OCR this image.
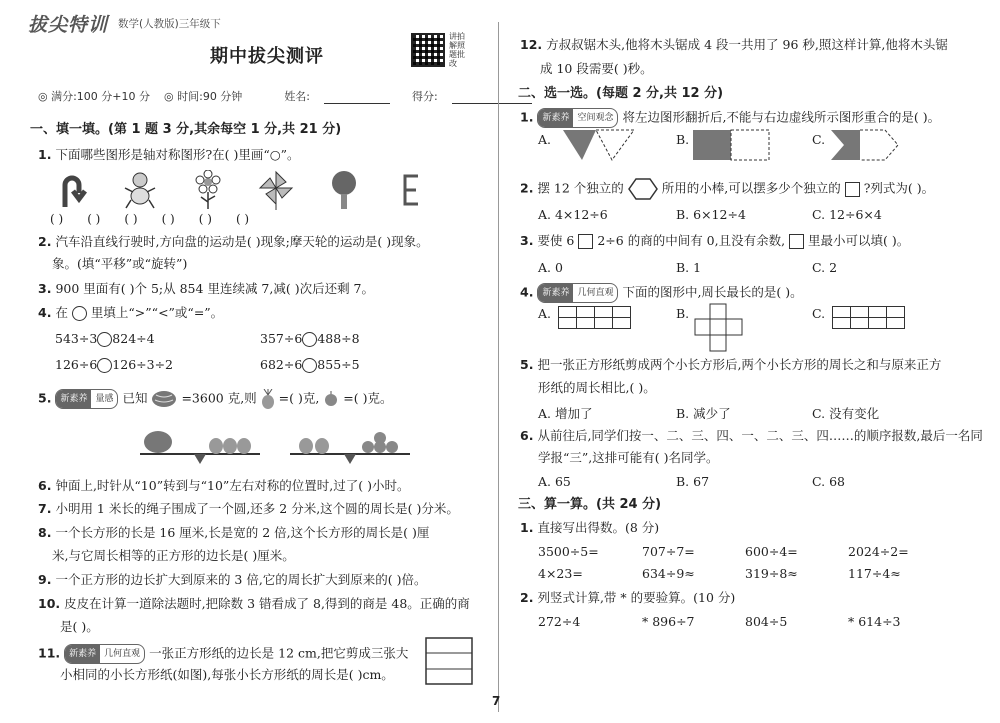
拔尖特训 数学(人教版)三年级下
期中拔尖测评
讲拍解照题批改
◎ 满分:100 分+10 分 ◎ 时间:90 分钟	姓名:	得分:
一、填一填。(第 1 题 3 分,其余每空 1 分,共 21 分)
1. 下面哪些图形是轴对称图形?在( )里画“○”。
( ) ( ) ( ) ( ) ( ) ( )
2. 汽车沿直线行驶时,方向盘的运动是( )现象;摩天轮的运动是( )现象。
象。(填“平移”或“旋转”)
3. 900 里面有( )个 5;从 854 里连续减 7,减( )次后还剩 7。
4. 在 里填上“>”“<”或“=”。
543÷3 824÷4	357÷6 488÷8
126÷6 126÷3÷2	682÷6 855÷5
5. 新素养 量感 已知	=3600 克,则 =( )克, =( )克。
6. 钟面上,时针从“10”转到与“10”左右对称的位置时,过了( )小时。
7. 小明用 1 米长的绳子围成了一个圆,还多 2 分米,这个圆的周长是( )分米。
8. 一个长方形的长是 16 厘米,长是宽的 2 倍,这个长方形的周长是( )厘
米,与它周长相等的正方形的边长是( )厘米。
9. 一个正方形的边长扩大到原来的 3 倍,它的周长扩大到原来的( )倍。
10. 皮皮在计算一道除法题时,把除数 3 错看成了 8,得到的商是 48。正确的商
是( )。
11. 新素养 几何直观 一张正方形纸的边长是 12 cm,把它剪成三张大
小相同的小长方形纸(如图),每张小长方形纸的周长是( )cm。
12. 方叔叔锯木头,他将木头锯成 4 段一共用了 96 秒,照这样计算,他将木头锯
成 10 段需要( )秒。
二、选一选。(每题 2 分,共 12 分)
1. 新素养 空间观念 将左边图形翻折后,不能与右边虚线所示图形重合的是( )。
A.	B.	C.
2. 摆 12 个独立的	所用的小棒,可以摆多少个独立的 ?列式为( )。
A. 4×12÷6	B. 6×12÷4	C. 12÷6×4
3. 要使 6 2÷6 的商的中间有 0,且没有余数, 里最小可以填( )。
A. 0	B. 1	C. 2
4. 新素养 几何直观 下面的图形中,周长最长的是( )。
A.	B.	C.
5. 把一张正方形纸剪成两个小长方形后,两个小长方形的周长之和与原来正方
形纸的周长相比,( )。
A. 增加了	B. 减少了	C. 没有变化
6. 从前往后,同学们按一、二、三、四、一、二、三、四……的顺序报数,最后一名同
学报“三”,这排可能有( )名同学。
A. 65	B. 67	C. 68
三、算一算。(共 24 分)
1. 直接写出得数。(8 分)
3500÷5=	707÷7=	600÷4=	2024÷2=
4×23=	634÷9≈	319÷8≈	117÷4≈
2. 列竖式计算,带 * 的要验算。(10 分)
272÷4	* 896÷7	804÷5	* 614÷3
7
